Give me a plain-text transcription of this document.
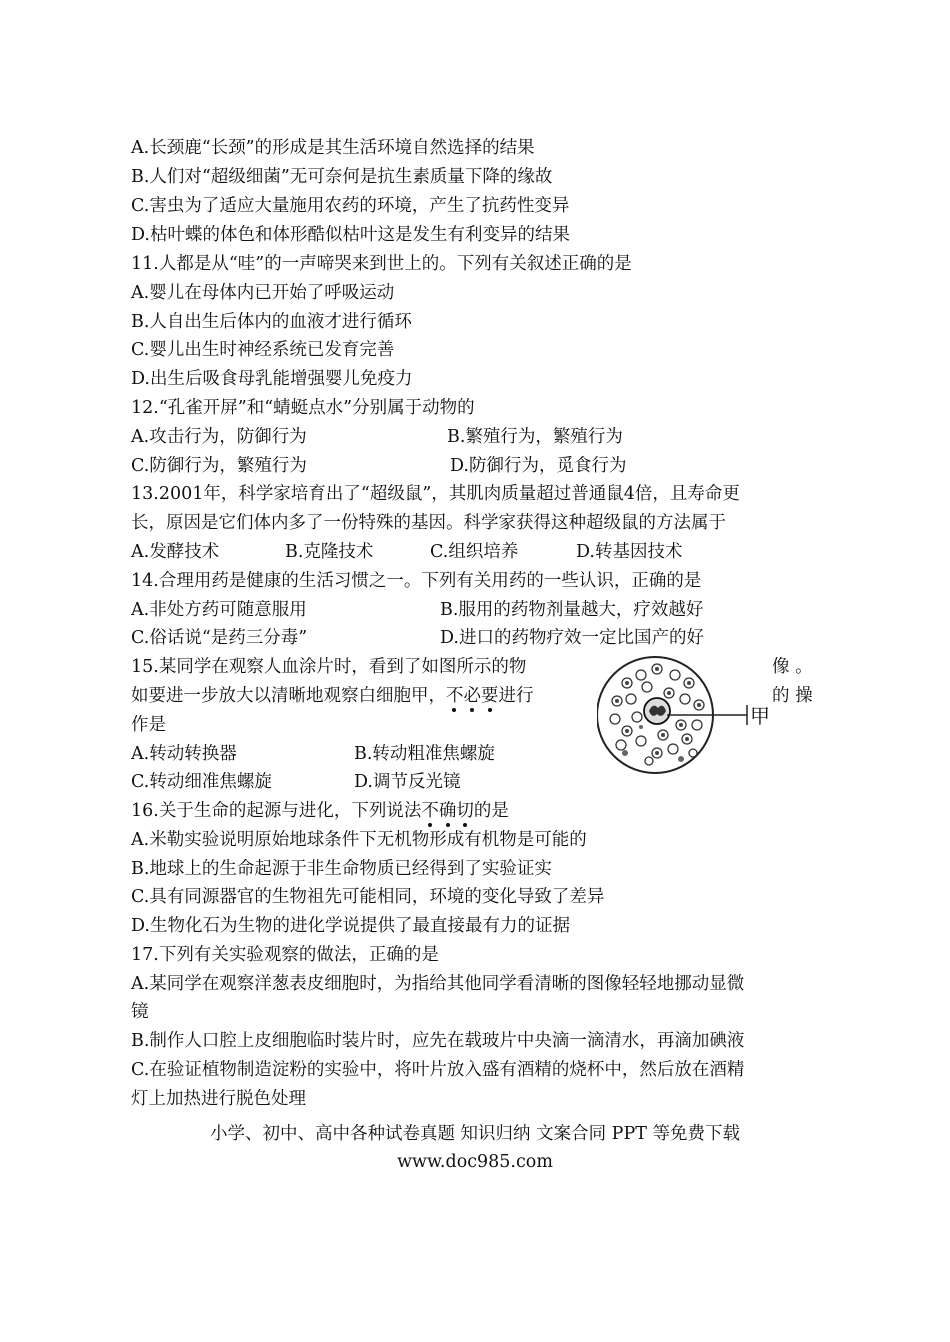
A.长颈鹿“长颈”的形成是其生活环境自然选择的结果
B.人们对“超级细菌”无可奈何是抗生素质量下降的缘故
C.害虫为了适应大量施用农药的环境，产生了抗药性变异
D.枯叶蝶的体色和体形酷似枯叶这是发生有利变异的结果
11.人都是从“哇”的一声啼哭来到世上的。下列有关叙述正确的是
A.婴儿在母体内已开始了呼吸运动
B.人自出生后体内的血液才进行循环
C.婴儿出生时神经系统已发育完善
D.出生后吸食母乳能增强婴儿免疫力
12.“孔雀开屏”和“蜻蜓点水”分别属于动物的
A.攻击行为，防御行为	B.繁殖行为，繁殖行为
C.防御行为，繁殖行为	D.防御行为，觅食行为
13.2001年，科学家培育出了“超级鼠”，其肌肉质量超过普通鼠4倍，且寿命更
长，原因是它们体内多了一份特殊的基因。科学家获得这种超级鼠的方法属于
A.发酵技术	B.克隆技术	C.组织培养	D.转基因技术
14.合理用药是健康的生活习惯之一。下列有关用药的一些认识，正确的是
A.非处方药可随意服用	B.服用的药物剂量越大，疗效越好
C.俗话说“是药三分毒”	D.进口的药物疗效一定比国产的好
15.某同学在观察人血涂片时，看到了如图所示的物	像 。
如要进一步放大以清晰地观察白细胞甲，不必要
进行	的 操
作是
A.转动转换器	B.转动粗准焦螺旋
C.转动细准焦螺旋	D.调节反光镜
甲
16.关于生命的起源与进化，下列说法不确切
的是
A.米勒实验说明原始地球条件下无机物形成有机物是可能的
B.地球上的生命起源于非生命物质已经得到了实验证实
C.具有同源器官的生物祖先可能相同，环境的变化导致了差异
D.生物化石为生物的进化学说提供了最直接最有力的证据
17.下列有关实验观察的做法，正确的是
A.某同学在观察洋葱表皮细胞时，为指给其他同学看清晰的图像轻轻地挪动显微
镜
B.制作人口腔上皮细胞临时装片时，应先在载玻片中央滴一滴清水，再滴加碘液
C.在验证植物制造淀粉的实验中，将叶片放入盛有酒精的烧杯中，然后放在酒精
灯上加热进行脱色处理
小学、初中、高中各种试卷真题 知识归纳 文案合同 PPT 等免费下载
www.doc985.com
